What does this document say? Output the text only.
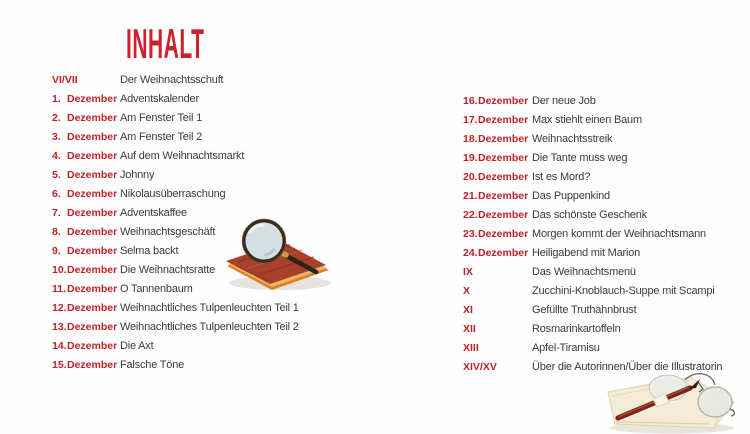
INHALT
VI/VII	Der Weihnachtsschuft
1. Dezember Adventskalender
2. Dezember Am Fenster Teil 1
3. Dezember Am Fenster Teil 2
4. Dezember Auf dem Weihnachtsmarkt
5. Dezember Johnny
6. Dezember Nikolausüberraschung
7. Dezember Adventskaffee
8. Dezember Weihnachtsgeschäft
9. Dezember Selma backt
10. Dezember Die Weihnachtsratte
11. Dezember O Tannenbaum
12. Dezember Weihnachtliches Tulpenleuchten Teil 1
13. Dezember Weihnachtliches Tulpenleuchten Teil 2
14. Dezember Die Axt
15. Dezember Falsche Töne
16. Dezember Der neue Job
17. Dezember Max stiehlt einen Baum
18. Dezember Weihnachtsstreik
19. Dezember Die Tante muss weg
20. Dezember Ist es Mord?
21. Dezember Das Puppenkind
22. Dezember Das schönste Geschenk
23. Dezember Morgen kommt der Weihnachtsmann
24. Dezember Heiligabend mit Marion
IX	Das Weihnachtsmenü
X	Zucchini-Knoblauch-Suppe mit Scampi
XI	Gefüllte Truthahnbrust
XII	Rosmarinkartoffeln
XIII	Apfel-Tiramisu
XIV/XV	Über die Autorinnen/Über die Illustratorin
